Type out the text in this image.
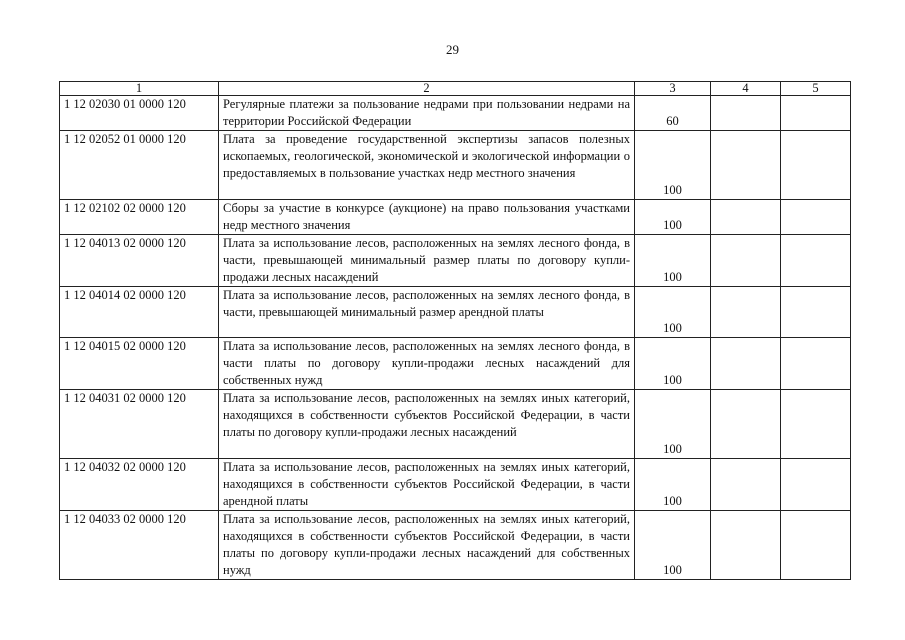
29
1	2	3	4	5
1 12 02030 01 0000 120	Регулярные платежи за пользование недрами при пользовании недрами на территории Российской Федерации	60		
1 12 02052 01 0000 120	Плата за проведение государственной экспертизы запасов полезных ископаемых, геологической, экономической и экологической информации о предоставляемых в пользование участках недр местного значения	100		
1 12 02102 02 0000 120	Сборы за участие в конкурсе (аукционе) на право пользования участками недр местного значения	100		
1 12 04013 02 0000 120	Плата за использование лесов, расположенных на землях лесного фонда, в части, превышающей минимальный размер платы по договору купли-продажи лесных насаждений	100		
1 12 04014 02 0000 120	Плата за использование лесов, расположенных на землях лесного фонда, в части, превышающей минимальный размер арендной платы	100		
1 12 04015 02 0000 120	Плата за использование лесов, расположенных на землях лесного фонда, в части платы по договору купли-продажи лесных насаждений для собственных нужд	100		
1 12 04031 02 0000 120	Плата за использование лесов, расположенных на землях иных категорий, находящихся в собственности субъектов Российской Федерации, в части платы по договору купли-продажи лесных насаждений	100		
1 12 04032 02 0000 120	Плата за использование лесов, расположенных на землях иных категорий, находящихся в собственности субъектов Российской Федерации, в части арендной платы	100		
1 12 04033 02 0000 120	Плата за использование лесов, расположенных на землях иных категорий, находящихся в собственности субъектов Российской Федерации, в части платы по договору купли-продажи лесных насаждений для собственных нужд	100		
